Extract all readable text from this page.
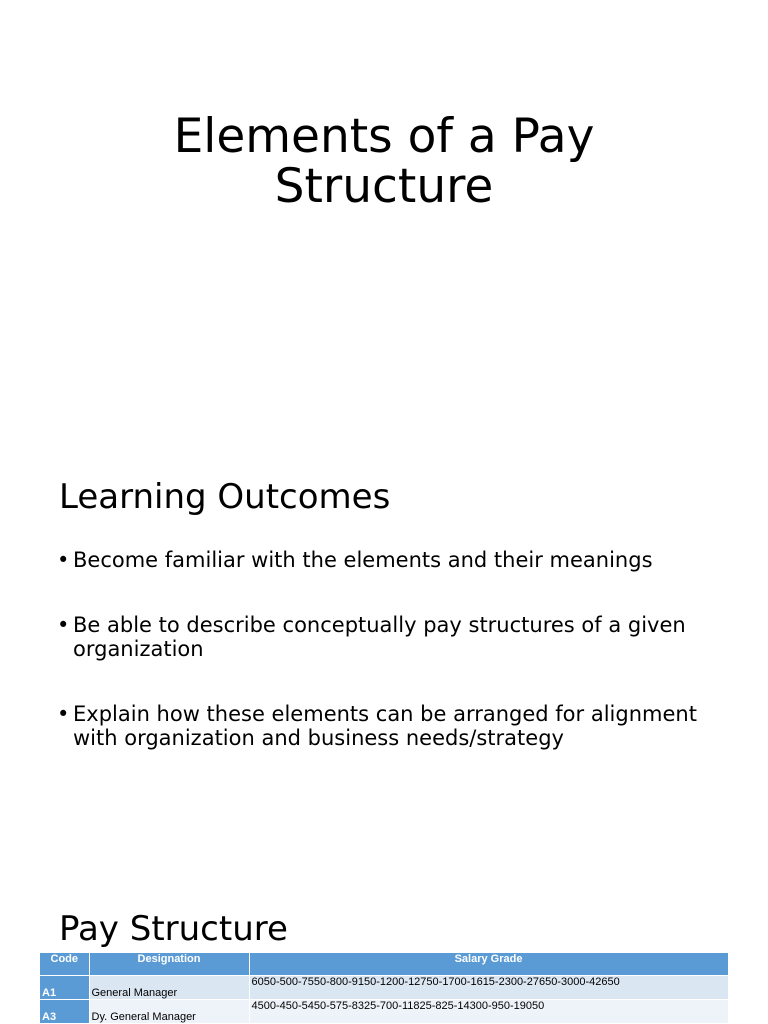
Elements of a Pay Structure
Learning Outcomes
• Become familiar with the elements and their meanings
• Be able to describe conceptually pay structures of a given organization
• Explain how these elements can be arranged for alignment with organization and business needs/strategy
Pay Structure
Code	Designation	Salary Grade
A1	General Manager	6050-500-7550-800-9150-1200-12750-1700-1615-2300-27650-3000-42650
A3	Dy. General Manager	4500-450-5450-575-8325-700-11825-825-14300-950-19050
